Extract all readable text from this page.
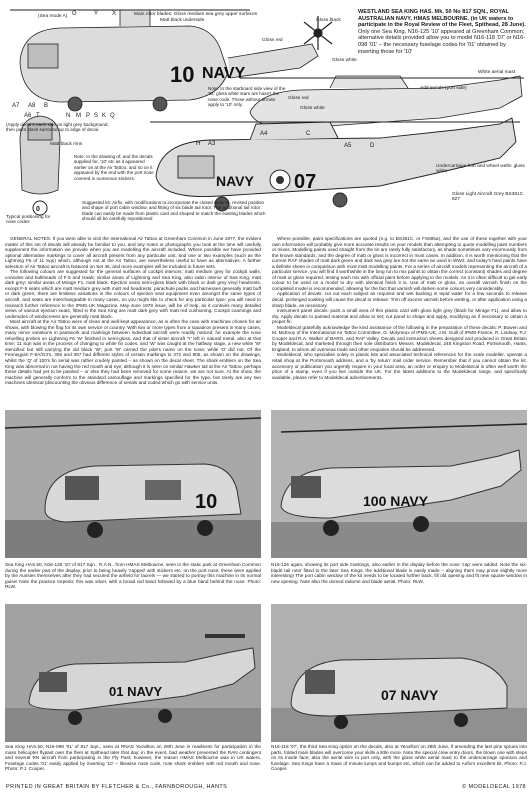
10 NAVY
NAVY 07
0
WESTLAND SEA KING HAS. Mk. 50 No 817 SQN., ROYAL AUSTRALIAN NAVY, HMAS MELBOURNE. (in UK waters to participate in the Royal Review of the Fleet, Spithead, 28 June). Only one Sea King, N16-125 '10' appeared at Greenham Common; alternative details provided allow you to model N16-118 '07' or N16-098 '01' – the necessary fuselage codes for '01' obtained by inserting those for '10'
(Sea mode A)	Main rotor blades: Gloss medium sea grey upper surfaces
Matt black underside	Gloss black
Gloss red
Gloss white
White aerial mast
Add serials (port side)
Gloss red
Gloss white
(Apply decal L each side on light grey background, then paint black surround up to edge of decal.
Matt black rims
Note: In the drawing of, and the decals supplied for, '10' etc as it appeared earlier on at the Air Tattoo, and so on it appeared by the end with the port nose covered in numerous stickers.
Note: In the starboard side view of the '01' gloss white stars are hasn't the nose code. Those without arrows apply to '10' only.
Suggested kit: Airfix, with modifications to incorporate the closed radome, revised position and shape of port cabin window, and fitting of six blade tail rotor. The additional tail rotor blade can easily be made from plastic card and shaped to match the existing blades which should all be carefully repositioned
Typical positioning for nose codes
Undercarriage hub and wheel wells: gloss white
Gloss Light Aircraft Grey BS381C 627
G	Y X
A7 A8 B
A6 T	N M P S K Q
A4	C
A5	D
H A3

GENERAL NOTES: If you were able to visit the International Air Tattoo at Greenham Common in June 1977, the evident matter of this set of decals will already be familiar to you, and any notes or photographs you took at the time will usefully supplement the information we provide when you are modelling the aircraft included. Where possible we have provided optional alternative markings to cover all aircraft present from any particular unit, and one or two examples (such as the Lightning F6 of 11 Sqn) which, although not at the Air Tattoo, are nevertheless useful to have as alternatives. A further selection of Air Tattoo aircraft is featured on Set 46, and more examples will be included in future sets.

The following colours are suggested for the general surfaces of cockpit interiors: matt medium grey for cockpit walls, consoles and bulkheads of F-5 and Hawk; similar areas of Lightning and Sea King, also cabin interior of Sea King, matt dark grey; similar areas of Mirage F1, matt black. Ejection seats semi-gloss black with black or dark grey vinyl headrests, except F-5 seats which are matt medium grey with matt red headrests; parachute packs and harnesses generally matt buff or dark green; there are limitless variations in the colours of ejection seat equipment even amongst the same types of aircraft, and seats are interchangeable in many cases, so you might like to check for any particular type; you will need to research further reference to the IPMS-UK Magazine, May-June 1978 issue, will be of help, as it contains many detailed views of various ejection seats, fitted in the Sea King are matt dark grey with matt red cushioning. Cockpit coamings and undersides of windscreens are generally matt black.

Most aircraft at the Air Tattoo were of clean and well-kept appearance, as is often the case with machines chosen for air shows, with blowing the flag for its own service or country. With two or more types from a squadron present in many cases, many minor variations in paintwork and markings between individual aircraft were readily noticed; for example the nose refuelling probes on Lightning F6 'W' finished in semi-gloss, and that of sister aircraft 'Y' left in natural metal, also at that time; 11 Sqn was in the process of changing to white fin codes, and 'W' was caught at the halfway stage, a new white 'W' stencilled but still carrying the old black 'W'; port 'W' carried the pilot's name on the nose; while 'O' did not. Of the Fennegyan F-5A/G3's, 356 and 357 had different styles of certain markings to 372 and 805, as shown on the drawings, whilst the 'Q' of 100's fin serial was rather crudely painted – as shown on the decal sheet. The shark emblem on the Sea King was abnormal in not having the red mouth and eye; although it is seen on similar Hawker tail at the Air Tattoo, perhaps these details had yet to be painted – or else they had been removed for some reason, we are not sure. At the show, the machine will generally conform to the standard camouflage and markings specified for the type, but rarely are any two machines identical (discounting the obvious difference of serials and coded which go with service units.

Where possible, paint specifications are quoted (e.g. to BS381C, or FS595a), and the use of these together with your own information will probably give more accurate results on your models than attempting to quote modelling paint numbers or mixes. Modelling paints used straight from the tin are rarely fully satisfactory, as shade sometimes vary enormously from the known standards, and the degree of matt or gloss is incorrect in most cases. In addition, it is worth mentioning that the current RAF shades of matt dark green and dark sea grey are not the same as used in WW2, and today's hard paints have a definite sheen in comparison with most matt modelling paints. For a series of aircraft models representing the aircraft of a particular service, you will find it worthwhile in the long run to mix paints to obtain the correct (constant) shades and degree of matt or gloss required, testing each mix with official paint before applying to the models. As it is often difficult to get early colour to be used on a model to dry with identical finish it is. Use of matt or gloss, an overall varnish finish on the completed model is recommended, allowing for the fact that varnish will darken some colours very considerably.

Application of decals: cut out each subject as required and wet backing in tepid water for a few seconds to release decal, prolonged soaking will cause the decal to release. Trim off excess varnish before wetting, or after application using a sharp blade, as necessary.

Instrument panel decals: paint a small area of thin plastic card with gloss light grey (black for Mirage F1), and allow to dry. Apply decals to painted material and allow to set; cut panel to shape and apply, modifying as if necessary to obtain a proper fit.

Modeldecal gratefully acknowledge the kind assistance of the following in the preparation of these decals: P. Bowen and M. McEvoy of the International Air Tattoo Committee, G. Molyneux of IPMS-UK, J.M. Guill of IPMS-France, R. Lindsay, P.J. Cooper and R.A. Walker of BARG, and RAF Valley. Decals and instruction sheets designed and produced in Great Britain by Modeldecal, and marketed through their sole distributors Messrs. Modeldecal, 248 Kingston Road, Portsmouth, Hants, England, to whom all overseas trade and other enquiries should be addressed.

Modeldecal, who specialise solely in plastic kits and associated technical references for the scale modeller, operate a retail shop at the Portsmouth address, and a 'by return' mail order service. Remember that if you cannot obtain the kit, accessory or publication you urgently require in your local area, an order or enquiry to Modeldecal is often well worth the price of a stamp, even if you live outside the UK. For the latest additions to the Modeldecal range, and specifically available, please refer to Modeldecal advertisements.

10	100 NAVY
Sea King HAS.50, N16-125 '10' of 817 Sqn., R.A.N., from HMAS Melbourne, seen in the static park at Greenham Common during the earlier part of the display, prior to being heavily 'zapped' with stickers etc. on the port nose; these were applied by the Aussies themselves after they had secured the airfield for laurels — we started to portray this machine in its normal guise! Note the practice torpedo; this was silver, with a broad red band followed by a blue band behind the nose. Photo: RLW.
N16-125 again, showing its port side markings, also earlier in the display before the nose 'zap' were added. Note the six-blade tail rotor fitted to the later Sea Kings; the additional blade is easily made – aligning them may prove slightly more interesting! The port cabin window of the kit needs to be located further back, fill old opening and fit new square window in new opening. Note also the domed radome and blade aerial. Photo: RLW.
01 NAVY	07 NAVY
Sea King HAS.50, N16-098 '01' of 817 Sqn., seen at RNAS Yeovilton on 28th June in readiness for participation in the mass helicopter flypast over the fleet at Spithead later that day; in the event, bad weather prevented the RAN contingent and several RN aircraft from participating in the Fly Past; however, the reason HMAS Melbourne was in UK waters. Fuselage codes '01' easily applied by inverting '10' – likewise nose code, note shark emblem with red mouth and nose. Photo: P.J. Cooper.
N16-118 '07', the third Sea King option on the decals, also at Yeovilton on 28th June, if amending the last pinn sprues into parts, folded main blades will overcome your skills a little more. Note the special crew entry doors, the blown one with steps on its inside face; also the aerial wire to port only, with the gloss white aerial mast to the undercarriage sponson and fuselage. Sea Kings have a mass of minute lumps and bumps etc, which can be added to Airfix's excellent kit. Photo: P.J. Cooper.
PRINTED IN GREAT BRITAIN BY FLETCHER & Co., FARNBOROUGH, HANTS	© MODELDECAL 1978
